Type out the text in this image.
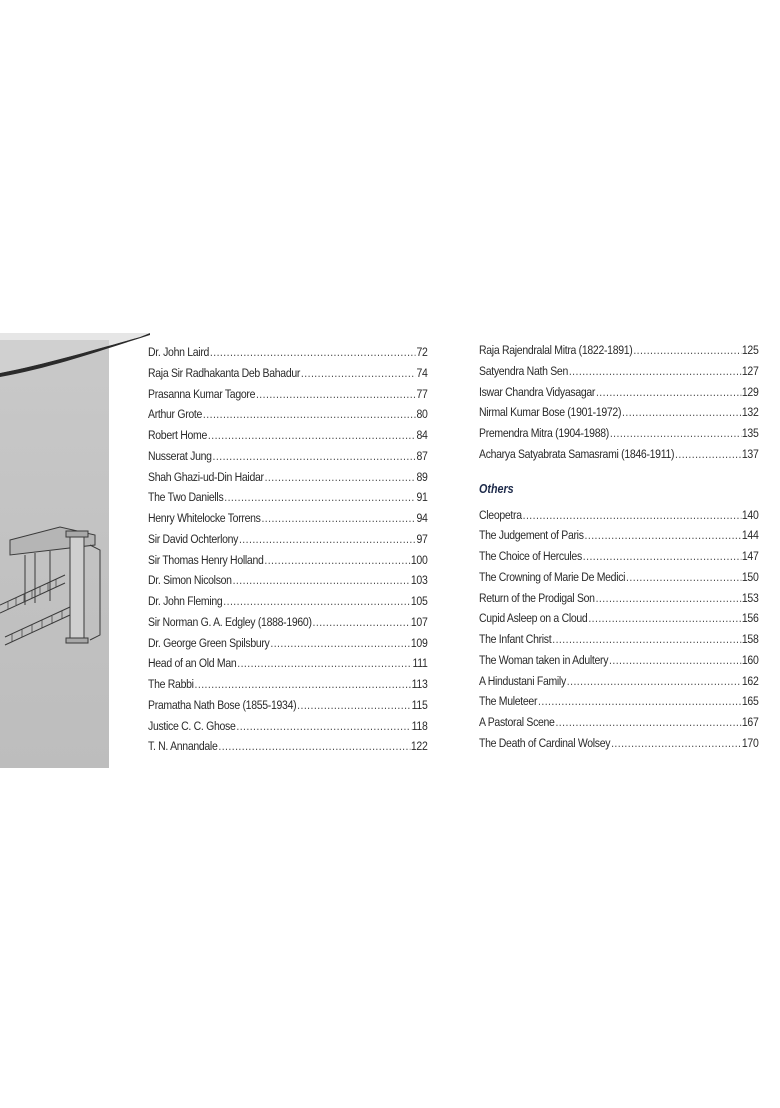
Dr. John Laird .....	72
Raja Sir Radhakanta Deb Bahadur .....	74
Prasanna Kumar Tagore .....	77
Arthur Grote .....	80
Robert Home .....	84
Nusserat Jung .....	87
Shah Ghazi-ud-Din Haidar .....	89
The Two Daniells .....	91
Henry Whitelocke Torrens .....	94
Sir David Ochterlony .....	97
Sir Thomas Henry Holland .....	100
Dr. Simon Nicolson .....	103
Dr. John Fleming .....	105
Sir Norman G. A. Edgley (1888-1960) .....	107
Dr. George Green Spilsbury .....	109
Head of an Old Man .....	111
The Rabbi .....	113
Pramatha Nath Bose (1855-1934) .....	115
Justice C. C. Ghose .....	118
T. N. Annandale .....	122
Raja Rajendralal Mitra (1822-1891) .....	125
Satyendra Nath Sen .....	127
Iswar Chandra Vidyasagar .....	129
Nirmal Kumar Bose (1901-1972) .....	132
Premendra Mitra (1904-1988) .....	135
Acharya Satyabrata Samasrami (1846-1911) .....	137
Others
Cleopetra .....	140
The Judgement of Paris .....	144
The Choice of Hercules .....	147
The Crowning of Marie De Medici .....	150
Return of the Prodigal Son .....	153
Cupid Asleep on a Cloud .....	156
The Infant Christ .....	158
The Woman taken in Adultery .....	160
A Hindustani Family .....	162
The Muleteer .....	165
A Pastoral Scene .....	167
The Death of Cardinal Wolsey .....	170
